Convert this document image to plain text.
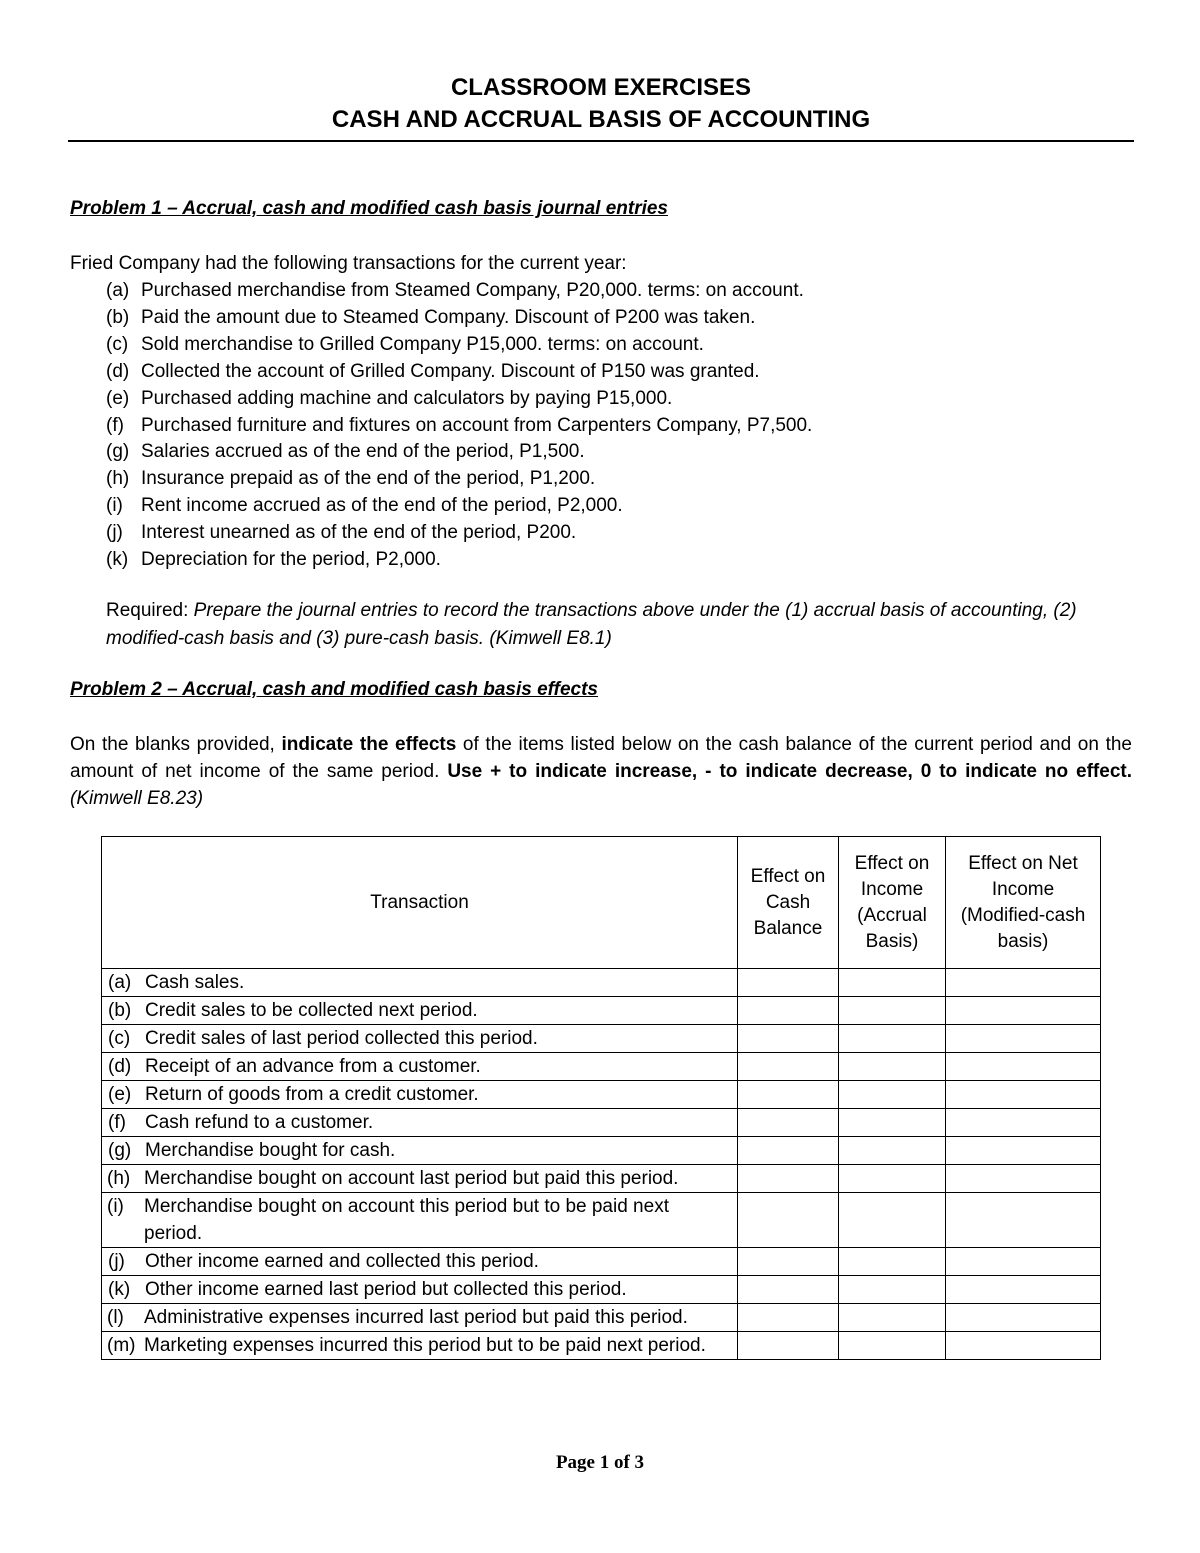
CLASSROOM EXERCISES
CASH AND ACCRUAL BASIS OF ACCOUNTING
Problem 1 – Accrual, cash and modified cash basis journal entries
Fried Company had the following transactions for the current year:
(a) Purchased merchandise from Steamed Company, P20,000. terms: on account.
(b) Paid the amount due to Steamed Company. Discount of P200 was taken.
(c) Sold merchandise to Grilled Company P15,000. terms: on account.
(d) Collected the account of Grilled Company. Discount of P150 was granted.
(e) Purchased adding machine and calculators by paying P15,000.
(f) Purchased furniture and fixtures on account from Carpenters Company, P7,500.
(g) Salaries accrued as of the end of the period, P1,500.
(h) Insurance prepaid as of the end of the period, P1,200.
(i) Rent income accrued as of the end of the period, P2,000.
(j) Interest unearned as of the end of the period, P200.
(k) Depreciation for the period, P2,000.
Required: Prepare the journal entries to record the transactions above under the (1) accrual basis of accounting, (2) modified-cash basis and (3) pure-cash basis. (Kimwell E8.1)
Problem 2 – Accrual, cash and modified cash basis effects
On the blanks provided, indicate the effects of the items listed below on the cash balance of the current period and on the amount of net income of the same period. Use + to indicate increase, - to indicate decrease, 0 to indicate no effect. (Kimwell E8.23)
Transaction	Effect on Cash Balance	Effect on Income (Accrual Basis)	Effect on Net Income (Modified-cash basis)
(a) Cash sales.			
(b) Credit sales to be collected next period.			
(c) Credit sales of last period collected this period.			
(d) Receipt of an advance from a customer.			
(e) Return of goods from a credit customer.			
(f) Cash refund to a customer.			
(g) Merchandise bought for cash.			
(h) Merchandise bought on account last period but paid this period.			
(i) Merchandise bought on account this period but to be paid next period.			
(j) Other income earned and collected this period.			
(k) Other income earned last period but collected this period.			
(l) Administrative expenses incurred last period but paid this period.			
(m) Marketing expenses incurred this period but to be paid next period.			
Page 1 of 3
